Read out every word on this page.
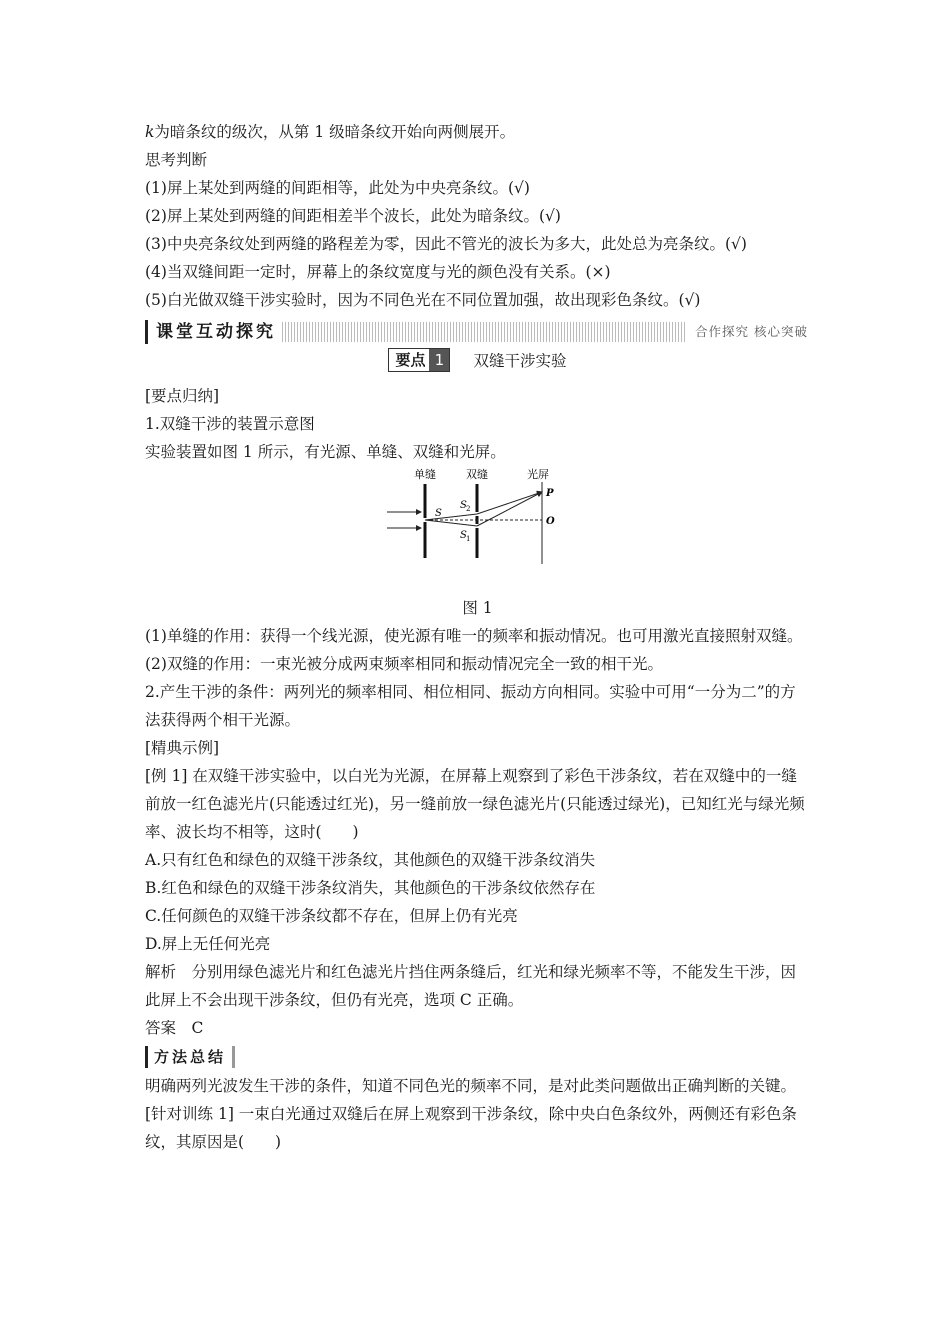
k为暗条纹的级次，从第 1 级暗条纹开始向两侧展开。
思考判断
(1)屏上某处到两缝的间距相等，此处为中央亮条纹。(√)
(2)屏上某处到两缝的间距相差半个波长，此处为暗条纹。(√)
(3)中央亮条纹处到两缝的路程差为零，因此不管光的波长为多大，此处总为亮条纹。(√)
(4)当双缝间距一定时，屏幕上的条纹宽度与光的颜色没有关系。(×)
(5)白光做双缝干涉实验时，因为不同色光在不同位置加强，故出现彩色条纹。(√)
课堂互动探究	合作探究 核心突破
要点 1 双缝干涉实验
[要点归纳]
1.双缝干涉的装置示意图
实验装置如图 1 所示，有光源、单缝、双缝和光屏。
单缝	双缝	光屏
S
S 2
S 1
P
O
图 1
(1)单缝的作用：获得一个线光源，使光源有唯一的频率和振动情况。也可用激光直接照射双缝。
(2)双缝的作用：一束光被分成两束频率相同和振动情况完全一致的相干光。
2.产生干涉的条件：两列光的频率相同、相位相同、振动方向相同。实验中可用“一分为二”的方法获得两个相干光源。
[精典示例]
[例 1] 在双缝干涉实验中，以白光为光源，在屏幕上观察到了彩色干涉条纹，若在双缝中的一缝前放一红色滤光片(只能透过红光)，另一缝前放一绿色滤光片(只能透过绿光)，已知红光与绿光频率、波长均不相等，这时(　　)
A.只有红色和绿色的双缝干涉条纹，其他颜色的双缝干涉条纹消失
B.红色和绿色的双缝干涉条纹消失，其他颜色的干涉条纹依然存在
C.任何颜色的双缝干涉条纹都不存在，但屏上仍有光亮
D.屏上无任何光亮
解析　分别用绿色滤光片和红色滤光片挡住两条缝后，红光和绿光频率不等，不能发生干涉，因此屏上不会出现干涉条纹，但仍有光亮，选项 C 正确。
答案　C
方法总结
明确两列光波发生干涉的条件，知道不同色光的频率不同，是对此类问题做出正确判断的关键。
[针对训练 1] 一束白光通过双缝后在屏上观察到干涉条纹，除中央白色条纹外，两侧还有彩色条纹，其原因是(　　)
